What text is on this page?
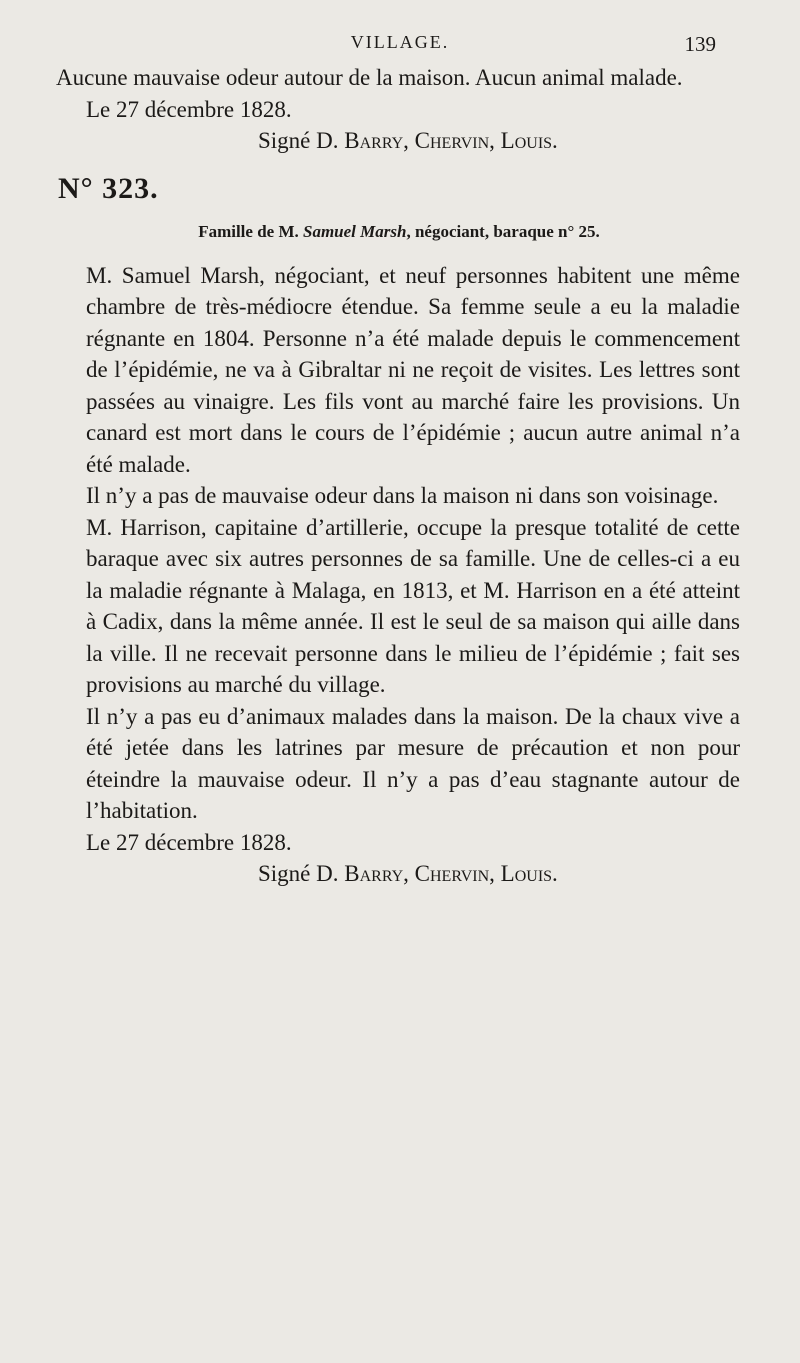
VILLAGE.	139

Aucune mauvaise odeur autour de la maison. Aucun animal malade.

Le 27 décembre 1828.

Signé D. Barry, Chervin, Louis.

N° 323.

Famille de M. Samuel Marsh, négociant, baraque n° 25.

M. Samuel Marsh, négociant, et neuf personnes habitent une même chambre de très-médiocre étendue. Sa femme seule a eu la maladie régnante en 1804. Personne n’a été malade depuis le commencement de l’épidémie, ne va à Gibraltar ni ne reçoit de visites. Les lettres sont passées au vinaigre. Les fils vont au marché faire les provisions. Un canard est mort dans le cours de l’épidémie ; aucun autre animal n’a été malade.

Il n’y a pas de mauvaise odeur dans la maison ni dans son voisinage.

M. Harrison, capitaine d’artillerie, occupe la presque totalité de cette baraque avec six autres personnes de sa famille. Une de celles-ci a eu la maladie régnante à Malaga, en 1813, et M. Harrison en a été atteint à Cadix, dans la même année. Il est le seul de sa maison qui aille dans la ville. Il ne recevait personne dans le milieu de l’épidémie ; fait ses provisions au marché du village.

Il n’y a pas eu d’animaux malades dans la maison. De la chaux vive a été jetée dans les latrines par mesure de précaution et non pour éteindre la mauvaise odeur. Il n’y a pas d’eau stagnante autour de l’habitation.

Le 27 décembre 1828.

Signé D. Barry, Chervin, Louis.
